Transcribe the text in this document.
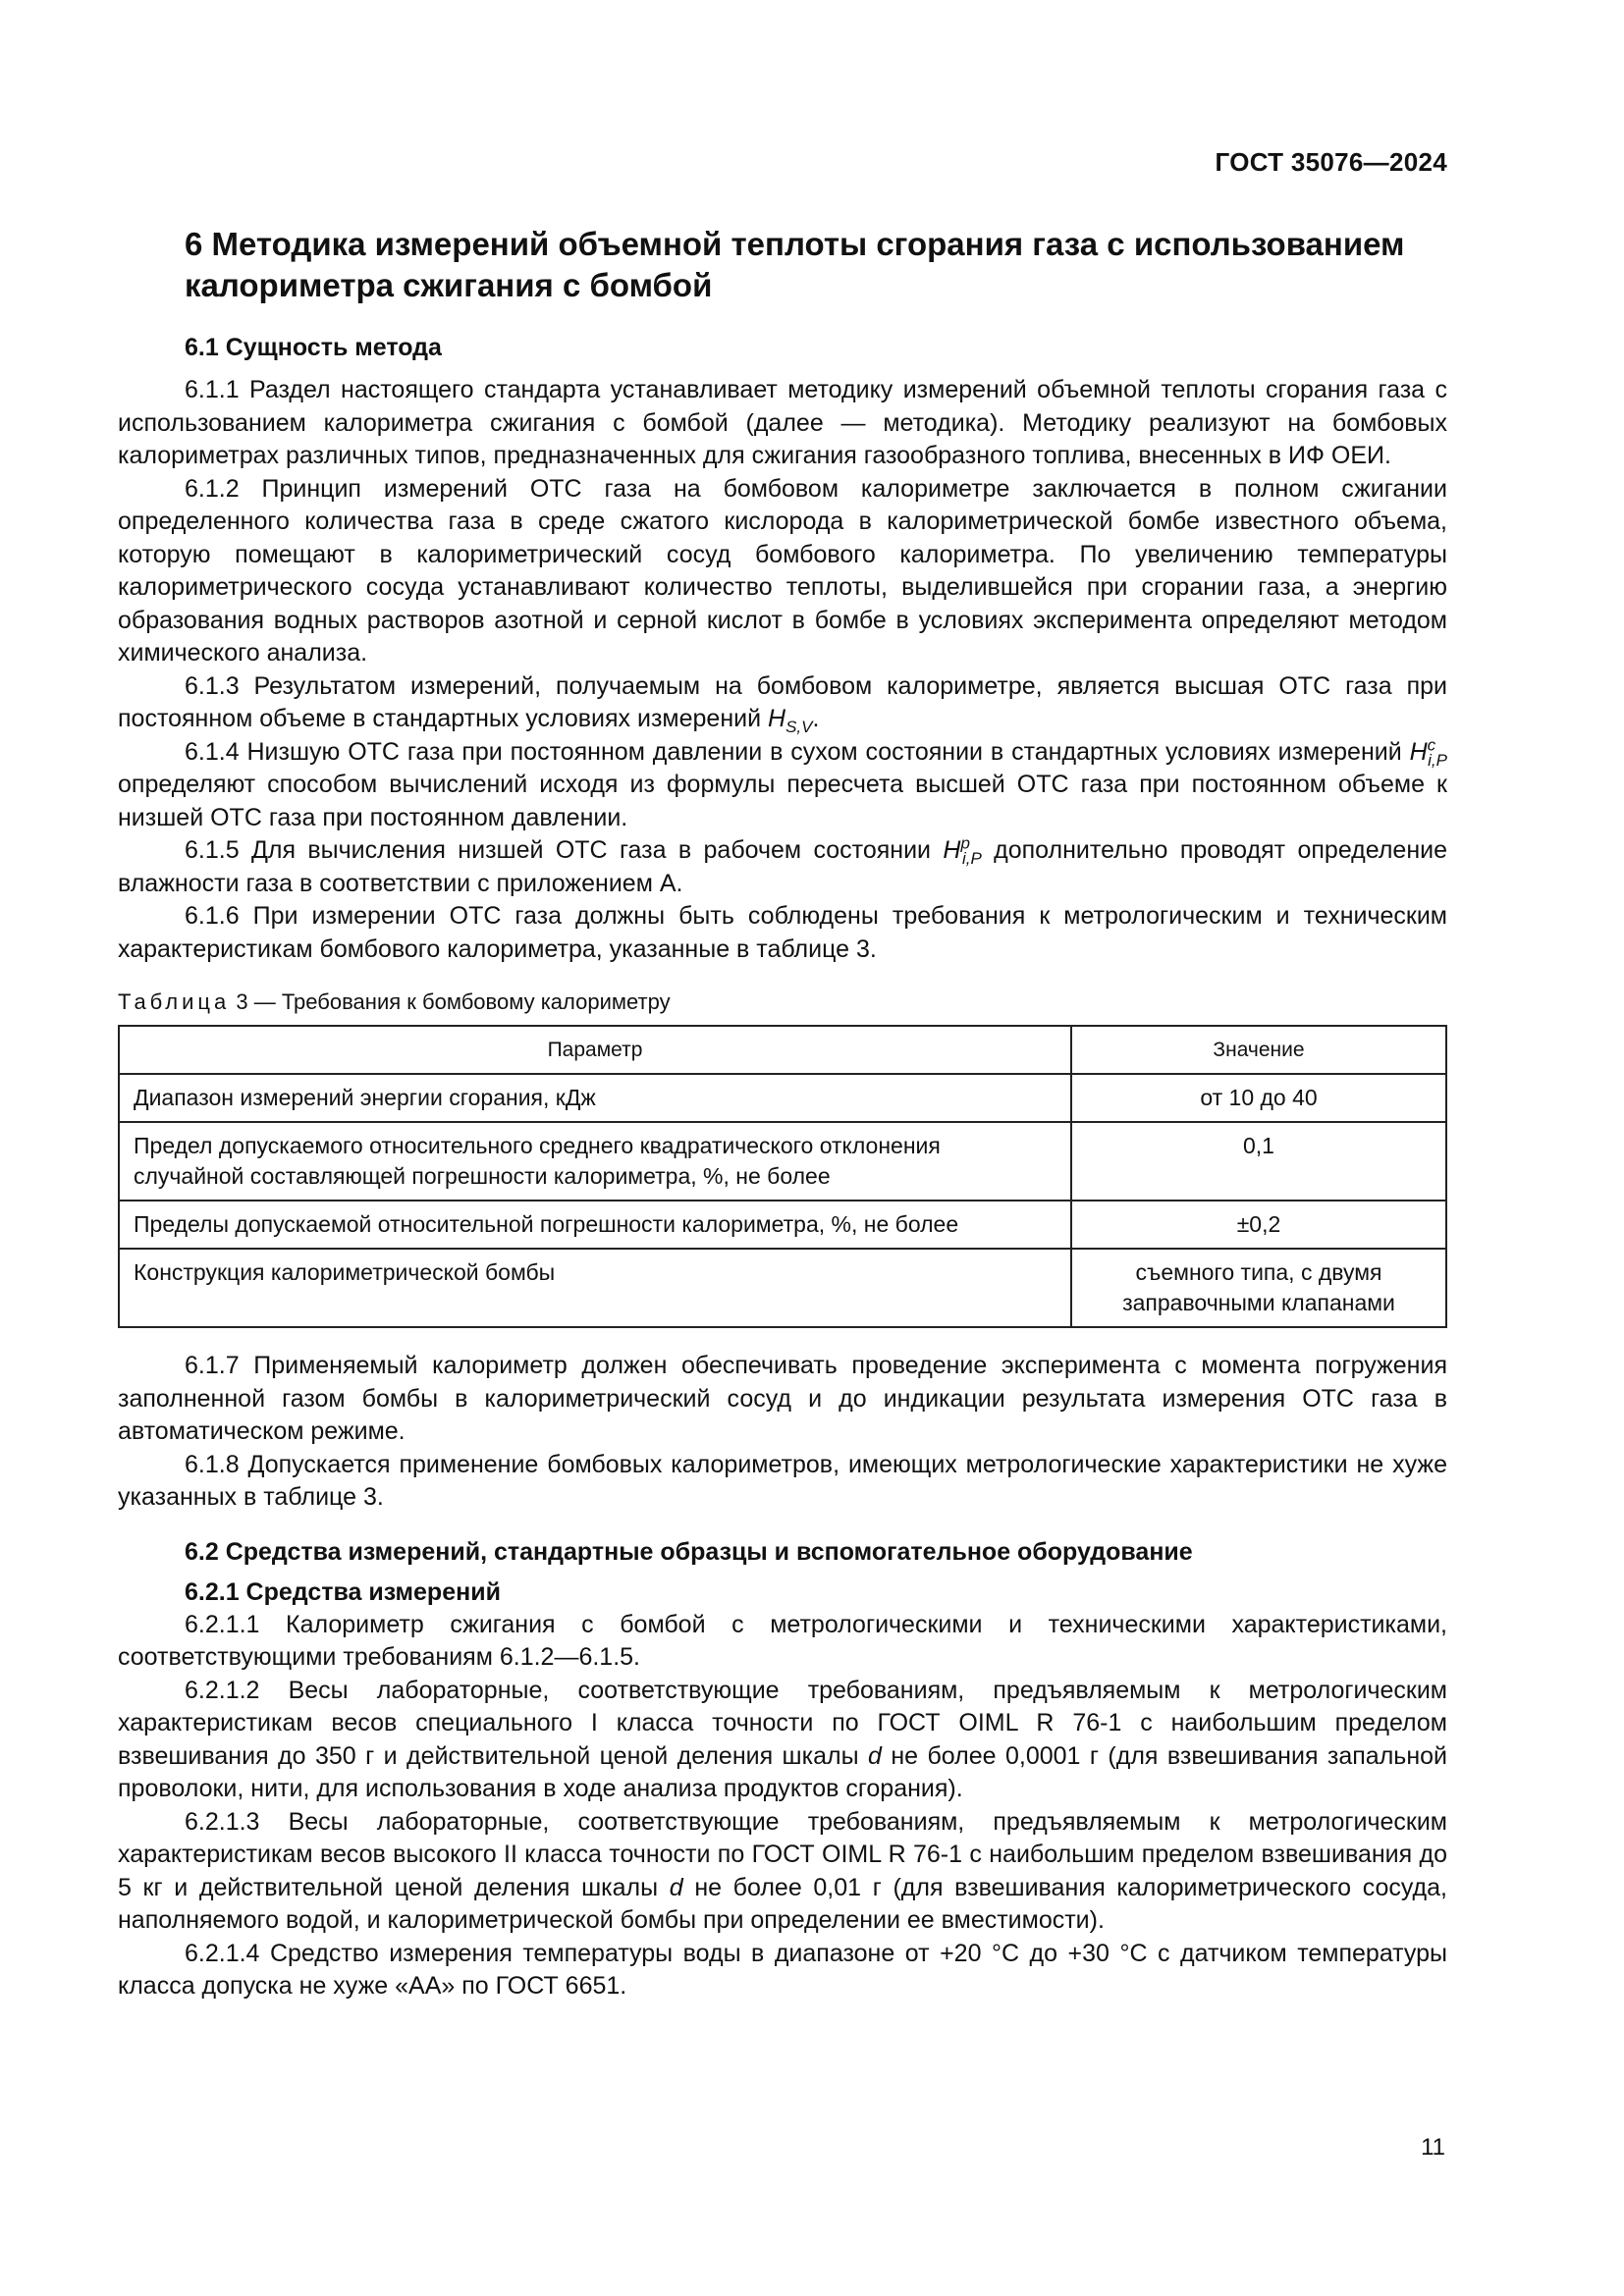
ГОСТ 35076—2024
6 Методика измерений объемной теплоты сгорания газа с использованием калориметра сжигания с бомбой
6.1 Сущность метода

6.1.1 Раздел настоящего стандарта устанавливает методику измерений объемной теплоты сгорания газа с использованием калориметра сжигания с бомбой (далее — методика). Методику реализуют на бомбовых калориметрах различных типов, предназначенных для сжигания газообразного топлива, внесенных в ИФ ОЕИ.

6.1.2 Принцип измерений ОТС газа на бомбовом калориметре заключается в полном сжигании определенного количества газа в среде сжатого кислорода в калориметрической бомбе известного объема, которую помещают в калориметрический сосуд бомбового калориметра. По увеличению температуры калориметрического сосуда устанавливают количество теплоты, выделившейся при сгорании газа, а энергию образования водных растворов азотной и серной кислот в бомбе в условиях эксперимента определяют методом химического анализа.

6.1.3 Результатом измерений, получаемым на бомбовом калориметре, является высшая ОТС газа при постоянном объеме в стандартных условиях измерений $H_{S,V}$.

6.1.4 Низшую ОТС газа при постоянном давлении в сухом состоянии в стандартных условиях измерений $H^c_{i,P}$ определяют способом вычислений исходя из формулы пересчета высшей ОТС газа при постоянном объеме к низшей ОТС газа при постоянном давлении.

6.1.5 Для вычисления низшей ОТС газа в рабочем состоянии $H^p_{i,P}$ дополнительно проводят определение влажности газа в соответствии с приложением А.

6.1.6 При измерении ОТС газа должны быть соблюдены требования к метрологическим и техническим характеристикам бомбового калориметра, указанные в таблице 3.

Таблица 3 — Требования к бомбовому калориметру
Параметр	Значение
Диапазон измерений энергии сгорания, кДж	от 10 до 40
Предел допускаемого относительного среднего квадратического отклонения случайной составляющей погрешности калориметра, %, не более	0,1
Пределы допускаемой относительной погрешности калориметра, %, не более	±0,2
Конструкция калориметрической бомбы	съемного типа, с двумя заправочными клапанами

6.1.7 Применяемый калориметр должен обеспечивать проведение эксперимента с момента погружения заполненной газом бомбы в калориметрический сосуд и до индикации результата измерения ОТС газа в автоматическом режиме.

6.1.8 Допускается применение бомбовых калориметров, имеющих метрологические характеристики не хуже указанных в таблице 3.

6.2 Средства измерений, стандартные образцы и вспомогательное оборудование
6.2.1 Средства измерений

6.2.1.1 Калориметр сжигания с бомбой с метрологическими и техническими характеристиками, соответствующими требованиям 6.1.2—6.1.5.

6.2.1.2 Весы лабораторные, соответствующие требованиям, предъявляемым к метрологическим характеристикам весов специального I класса точности по ГОСТ OIML R 76-1 с наибольшим пределом взвешивания до 350 г и действительной ценой деления шкалы d не более 0,0001 г (для взвешивания запальной проволоки, нити, для использования в ходе анализа продуктов сгорания).

6.2.1.3 Весы лабораторные, соответствующие требованиям, предъявляемым к метрологическим характеристикам весов высокого II класса точности по ГОСТ OIML R 76-1 с наибольшим пределом взвешивания до 5 кг и действительной ценой деления шкалы d не более 0,01 г (для взвешивания калориметрического сосуда, наполняемого водой, и калориметрической бомбы при определении ее вместимости).

6.2.1.4 Средство измерения температуры воды в диапазоне от +20 °С до +30 °С с датчиком температуры класса допуска не хуже «АА» по ГОСТ 6651.

11
